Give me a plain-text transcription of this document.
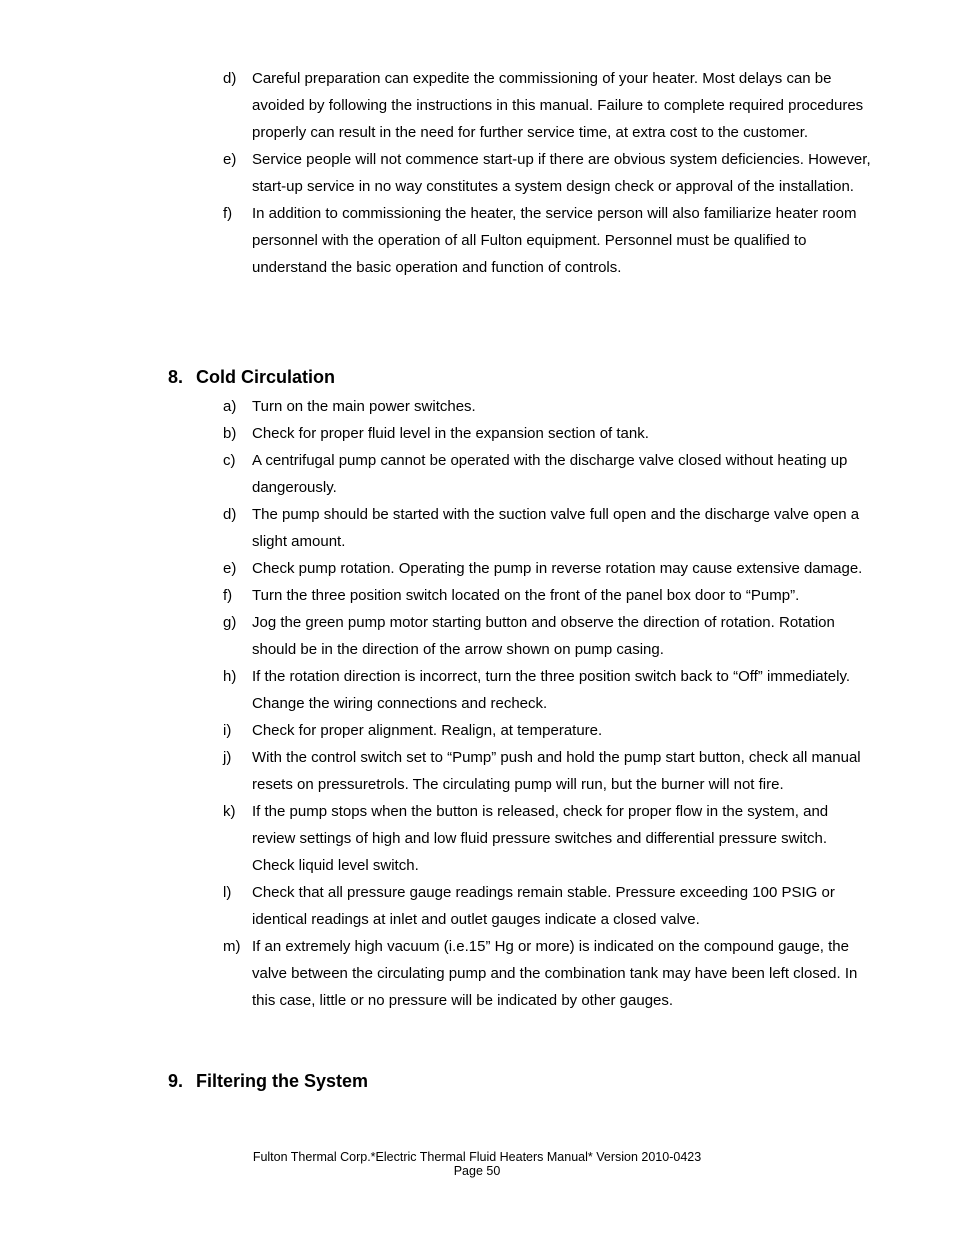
d)	Careful preparation can expedite the commissioning of your heater. Most delays can be avoided by following the instructions in this manual. Failure to complete required procedures properly can result in the need for further service time, at extra cost to the customer.
e)	Service people will not commence start-up if there are obvious system deficiencies. However, start-up service in no way constitutes a system design check or approval of the installation.
f)	In addition to commissioning the heater, the service person will also familiarize heater room personnel with the operation of all Fulton equipment. Personnel must be qualified to understand the basic operation and function of controls.
8. Cold Circulation
a)	Turn on the main power switches.
b)	Check for proper fluid level in the expansion section of tank.
c)	A centrifugal pump cannot be operated with the discharge valve closed without heating up dangerously.
d)	The pump should be started with the suction valve full open and the discharge valve open a slight amount.
e)	Check pump rotation. Operating the pump in reverse rotation may cause extensive damage.
f)	Turn the three position switch located on the front of the panel box door to “Pump”.
g)	Jog the green pump motor starting button and observe the direction of rotation. Rotation should be in the direction of the arrow shown on pump casing.
h)	If the rotation direction is incorrect, turn the three position switch back to “Off” immediately. Change the wiring connections and recheck.
i)	Check for proper alignment. Realign, at temperature.
j)	With the control switch set to “Pump” push and hold the pump start button, check all manual resets on pressuretrols. The circulating pump will run, but the burner will not fire.
k)	If the pump stops when the button is released, check for proper flow in the system, and review settings of high and low fluid pressure switches and differential pressure switch. Check liquid level switch.
l)	Check that all pressure gauge readings remain stable. Pressure exceeding 100 PSIG or identical readings at inlet and outlet gauges indicate a closed valve.
m) If an extremely high vacuum (i.e.15” Hg or more) is indicated on the compound gauge, the valve between the circulating pump and the combination tank may have been left closed. In this case, little or no pressure will be indicated by other gauges.
9. Filtering the System
Fulton Thermal Corp.*Electric Thermal Fluid Heaters Manual* Version 2010-0423
Page 50
